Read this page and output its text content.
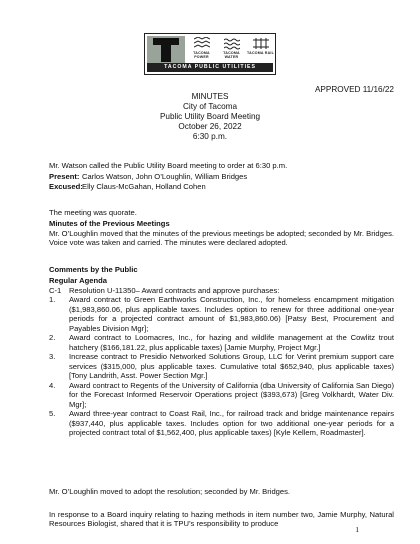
TACOMA POWER
TACOMA WATER
TACOMA RAIL
TACOMA PUBLIC UTILITIES
APPROVED 11/16/22
MINUTES
City of Tacoma
Public Utility Board Meeting
October 26, 2022
6:30 p.m.

Mr. Watson called the Public Utility Board meeting to order at 6:30 p.m.

Present: Carlos Watson, John O’Loughlin, William Bridges
Excused: Elly Claus-McGahan, Holland Cohen

The meeting was quorate.

Minutes of the Previous Meetings

Mr. O’Loughlin moved that the minutes of the previous meetings be adopted; seconded by Mr. Bridges. Voice vote was taken and carried. The minutes were declared adopted.

Comments by the Public

Regular Agenda

C-1	Resolution U-11350– Award contracts and approve purchases:
1.	Award contract to Green Earthworks Construction, Inc., for homeless encampment mitigation ($1,983,860.06, plus applicable taxes. Includes option to renew for three additional one-year periods for a projected contract amount of $1,983,860.06) [Patsy Best, Procurement and Payables Division Mgr];
2.	Award contract to Loomacres, Inc., for hazing and wildlife management at the Cowlitz trout hatchery ($166,181.22, plus applicable taxes) [Jamie Murphy, Project Mgr.]
3.	Increase contract to Presidio Networked Solutions Group, LLC for Verint premium support care services ($315,000, plus applicable taxes. Cumulative total $652,940, plus applicable taxes) [Tony Landrith, Asst. Power Section Mgr.]
4.	Award contract to Regents of the University of California (dba University of California San Diego) for the Forecast Informed Reservoir Operations project ($393,673) [Greg Volkhardt, Water Div. Mgr];
5.	Award three-year contract to Coast Rail, Inc., for railroad track and bridge maintenance repairs ($937,440, plus applicable taxes. Includes option for two additional one-year periods for a projected contract total of $1,562,400, plus applicable taxes) [Kyle Kellem, Roadmaster].

Mr. O’Loughlin moved to adopt the resolution; seconded by Mr. Bridges.

In response to a Board inquiry relating to hazing methods in item number two, Jamie Murphy, Natural Resources Biologist, shared that it is TPU’s responsibility to produce

1
